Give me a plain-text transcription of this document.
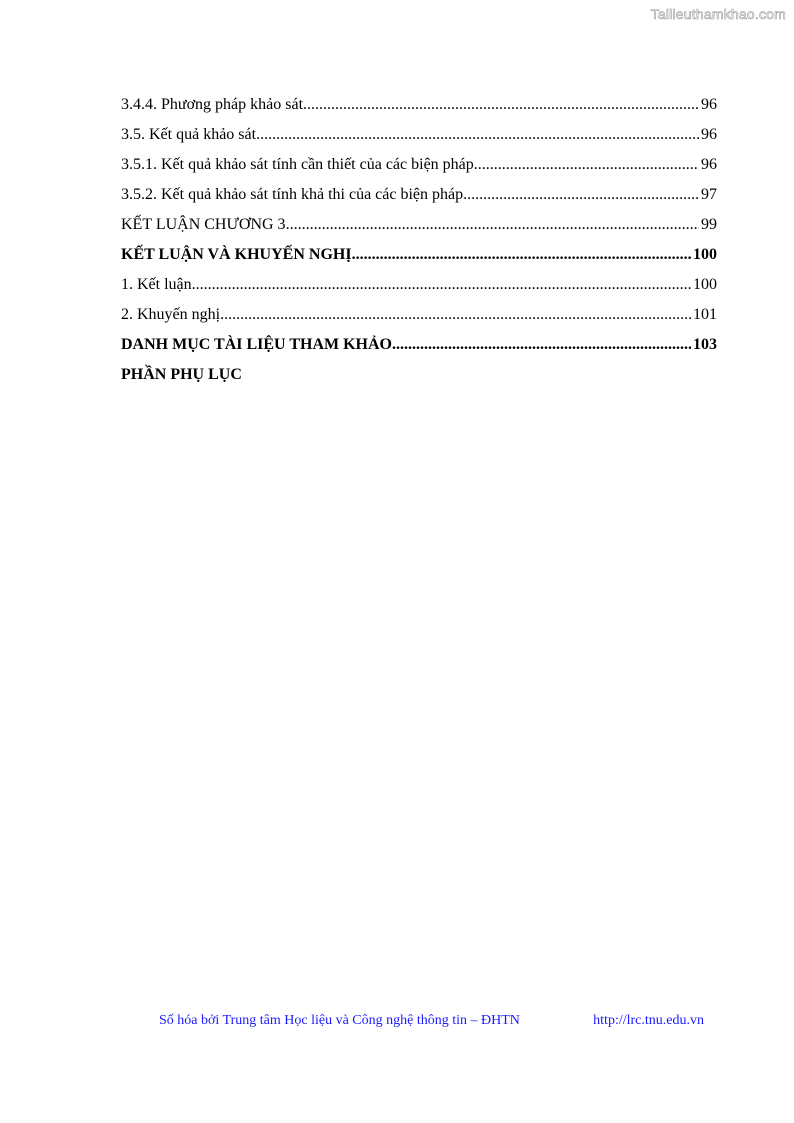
Tailieuthamkhao.com
3.4.4. Phương pháp khảo sát .....	96
3.5. Kết quả khảo sát .....	96
3.5.1. Kết quả khảo sát tính cần thiết của các biện pháp .....	96
3.5.2. Kết quả khảo sát tính khả thi của các biện pháp .....	97
KẾT LUẬN CHƯƠNG 3 .....	99
KẾT LUẬN VÀ KHUYẾN NGHỊ .....	100
1. Kết luận .....	100
2. Khuyến nghị .....	101
DANH MỤC TÀI LIỆU THAM KHẢO .....	103
PHẦN PHỤ LỤC
Số hóa bởi Trung tâm Học liệu và Công nghệ thông tin – ĐHTN	http://lrc.tnu.edu.vn
